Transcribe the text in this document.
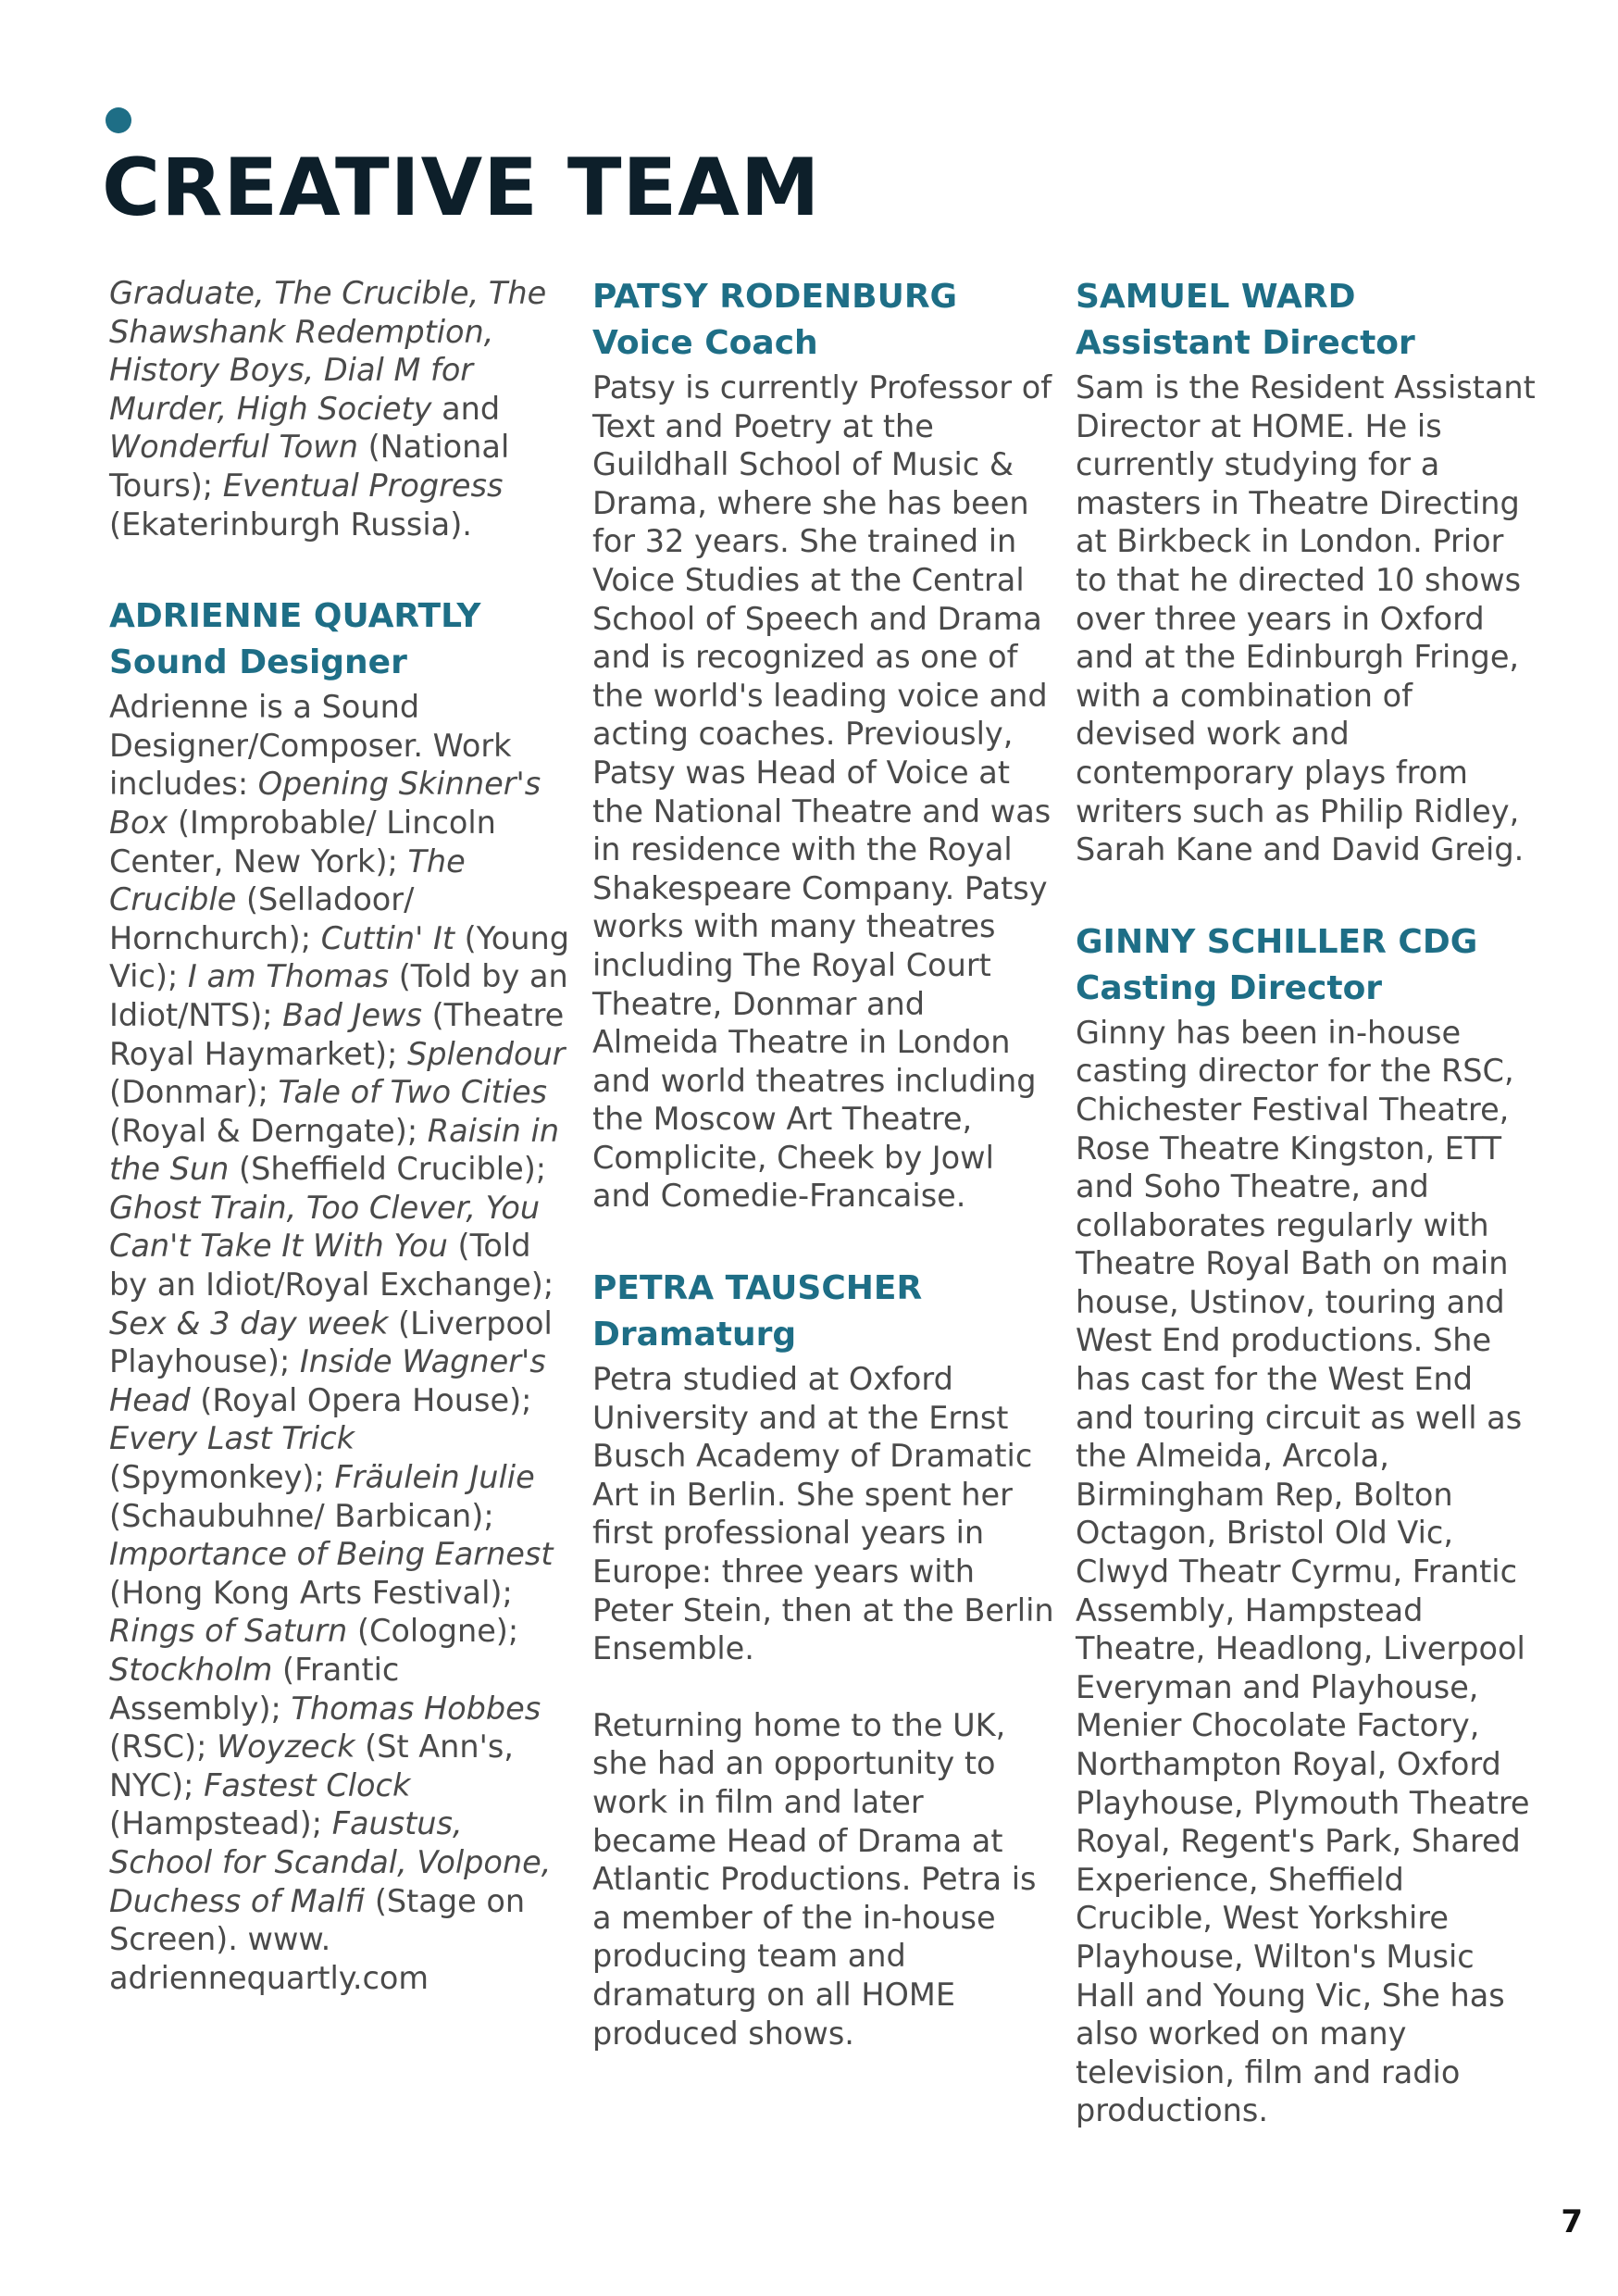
CREATIVE TEAM

Graduate, The Crucible, The Shawshank Redemption, History Boys, Dial M for Murder, High Society and Wonderful Town (National Tours); Eventual Progress (Ekaterinburgh Russia).

ADRIENNE QUARTLY
Sound Designer

Adrienne is a Sound Designer/Composer. Work includes: Opening Skinner's Box (Improbable/ Lincoln Center, New York); The Crucible (Selladoor/ Hornchurch); Cuttin' It (Young Vic); I am Thomas (Told by an Idiot/NTS); Bad Jews (Theatre Royal Haymarket); Splendour (Donmar); Tale of Two Cities (Royal & Derngate); Raisin in the Sun (Sheffield Crucible); Ghost Train, Too Clever, You Can't Take It With You (Told by an Idiot/Royal Exchange); Sex & 3 day week (Liverpool Playhouse); Inside Wagner's Head (Royal Opera House); Every Last Trick (Spymonkey); Fräulein Julie (Schaubuhne/ Barbican); Importance of Being Earnest (Hong Kong Arts Festival); Rings of Saturn (Cologne); Stockholm (Frantic Assembly); Thomas Hobbes (RSC); Woyzeck (St Ann's, NYC); Fastest Clock (Hampstead); Faustus, School for Scandal, Volpone, Duchess of Malfi (Stage on Screen). www. adriennequartly.com

PATSY RODENBURG
Voice Coach

Patsy is currently Professor of Text and Poetry at the Guildhall School of Music & Drama, where she has been for 32 years. She trained in Voice Studies at the Central School of Speech and Drama and is recognized as one of the world's leading voice and acting coaches. Previously, Patsy was Head of Voice at the National Theatre and was in residence with the Royal Shakespeare Company. Patsy works with many theatres including The Royal Court Theatre, Donmar and Almeida Theatre in London and world theatres including the Moscow Art Theatre, Complicite, Cheek by Jowl and Comedie-Francaise.

PETRA TAUSCHER
Dramaturg

Petra studied at Oxford University and at the Ernst Busch Academy of Dramatic Art in Berlin. She spent her first professional years in Europe: three years with Peter Stein, then at the Berlin Ensemble.

Returning home to the UK, she had an opportunity to work in film and later became Head of Drama at Atlantic Productions. Petra is a member of the in-house producing team and dramaturg on all HOME produced shows.

SAMUEL WARD
Assistant Director

Sam is the Resident Assistant Director at HOME. He is currently studying for a masters in Theatre Directing at Birkbeck in London. Prior to that he directed 10 shows over three years in Oxford and at the Edinburgh Fringe, with a combination of devised work and contemporary plays from writers such as Philip Ridley, Sarah Kane and David Greig.

GINNY SCHILLER CDG
Casting Director

Ginny has been in-house casting director for the RSC, Chichester Festival Theatre, Rose Theatre Kingston, ETT and Soho Theatre, and collaborates regularly with Theatre Royal Bath on main house, Ustinov, touring and West End productions. She has cast for the West End and touring circuit as well as the Almeida, Arcola, Birmingham Rep, Bolton Octagon, Bristol Old Vic, Clwyd Theatr Cyrmu, Frantic Assembly, Hampstead Theatre, Headlong, Liverpool Everyman and Playhouse, Menier Chocolate Factory, Northampton Royal, Oxford Playhouse, Plymouth Theatre Royal, Regent's Park, Shared Experience, Sheffield Crucible, West Yorkshire Playhouse, Wilton's Music Hall and Young Vic, She has also worked on many television, film and radio productions.

7
